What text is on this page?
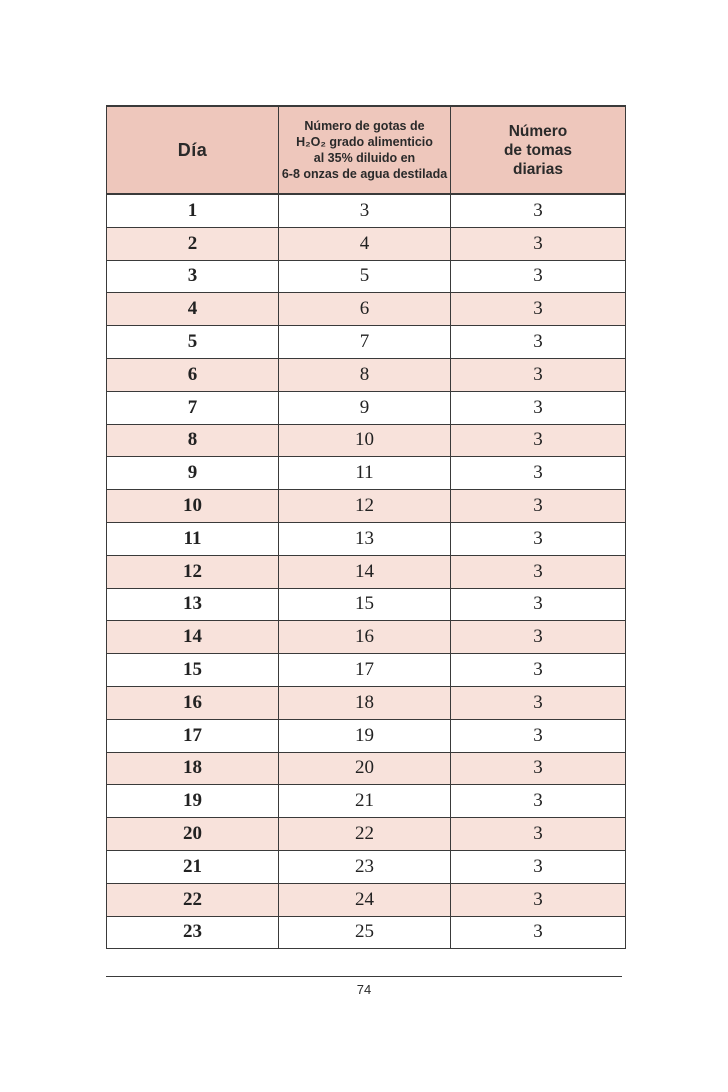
Día	Número de gotas de
H₂O₂ grado alimenticio
al 35% diluido en
6-8 onzas de agua destilada	Número
de tomas
diarias

1	3	3
2	4	3
3	5	3
4	6	3
5	7	3
6	8	3
7	9	3
8	10	3
9	11	3
10	12	3
11	13	3
12	14	3
13	15	3
14	16	3
15	17	3
16	18	3
17	19	3
18	20	3
19	21	3
20	22	3
21	23	3
22	24	3
23	25	3
74
